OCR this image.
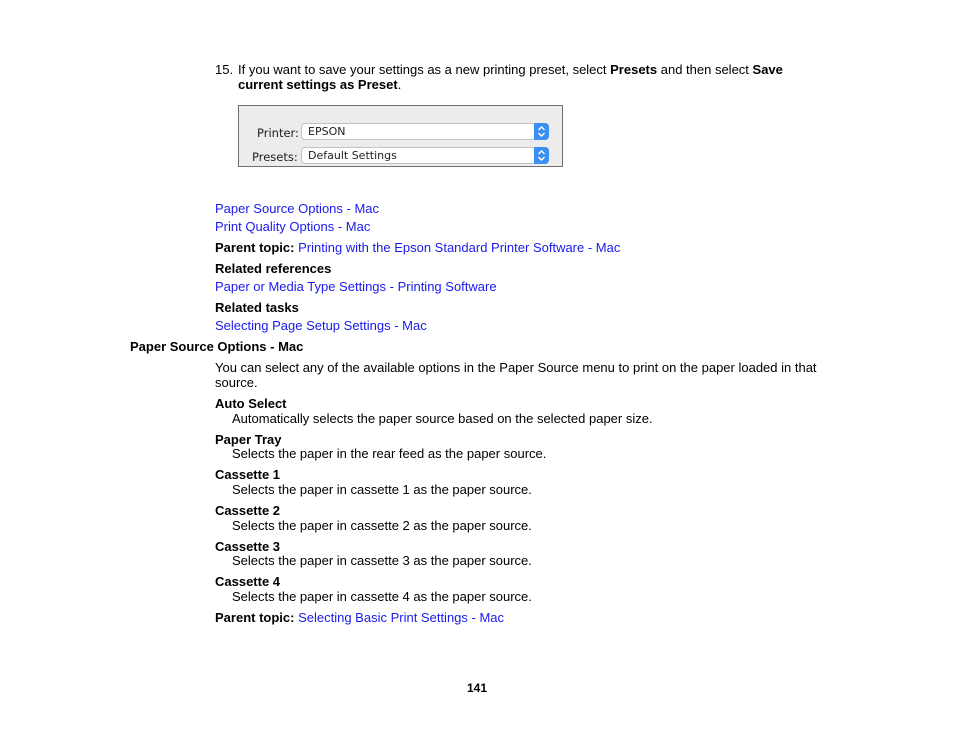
15. If you want to save your settings as a new printing preset, select Presets and then select Save
current settings as Preset.
Printer: EPSON
Presets: Default Settings
Paper Source Options - Mac
Print Quality Options - Mac
Parent topic: Printing with the Epson Standard Printer Software - Mac
Related references
Paper or Media Type Settings - Printing Software
Related tasks
Selecting Page Setup Settings - Mac
Paper Source Options - Mac
You can select any of the available options in the Paper Source menu to print on the paper loaded in that
source.
Auto Select
Automatically selects the paper source based on the selected paper size.
Paper Tray
Selects the paper in the rear feed as the paper source.
Cassette 1
Selects the paper in cassette 1 as the paper source.
Cassette 2
Selects the paper in cassette 2 as the paper source.
Cassette 3
Selects the paper in cassette 3 as the paper source.
Cassette 4
Selects the paper in cassette 4 as the paper source.
Parent topic: Selecting Basic Print Settings - Mac
141
